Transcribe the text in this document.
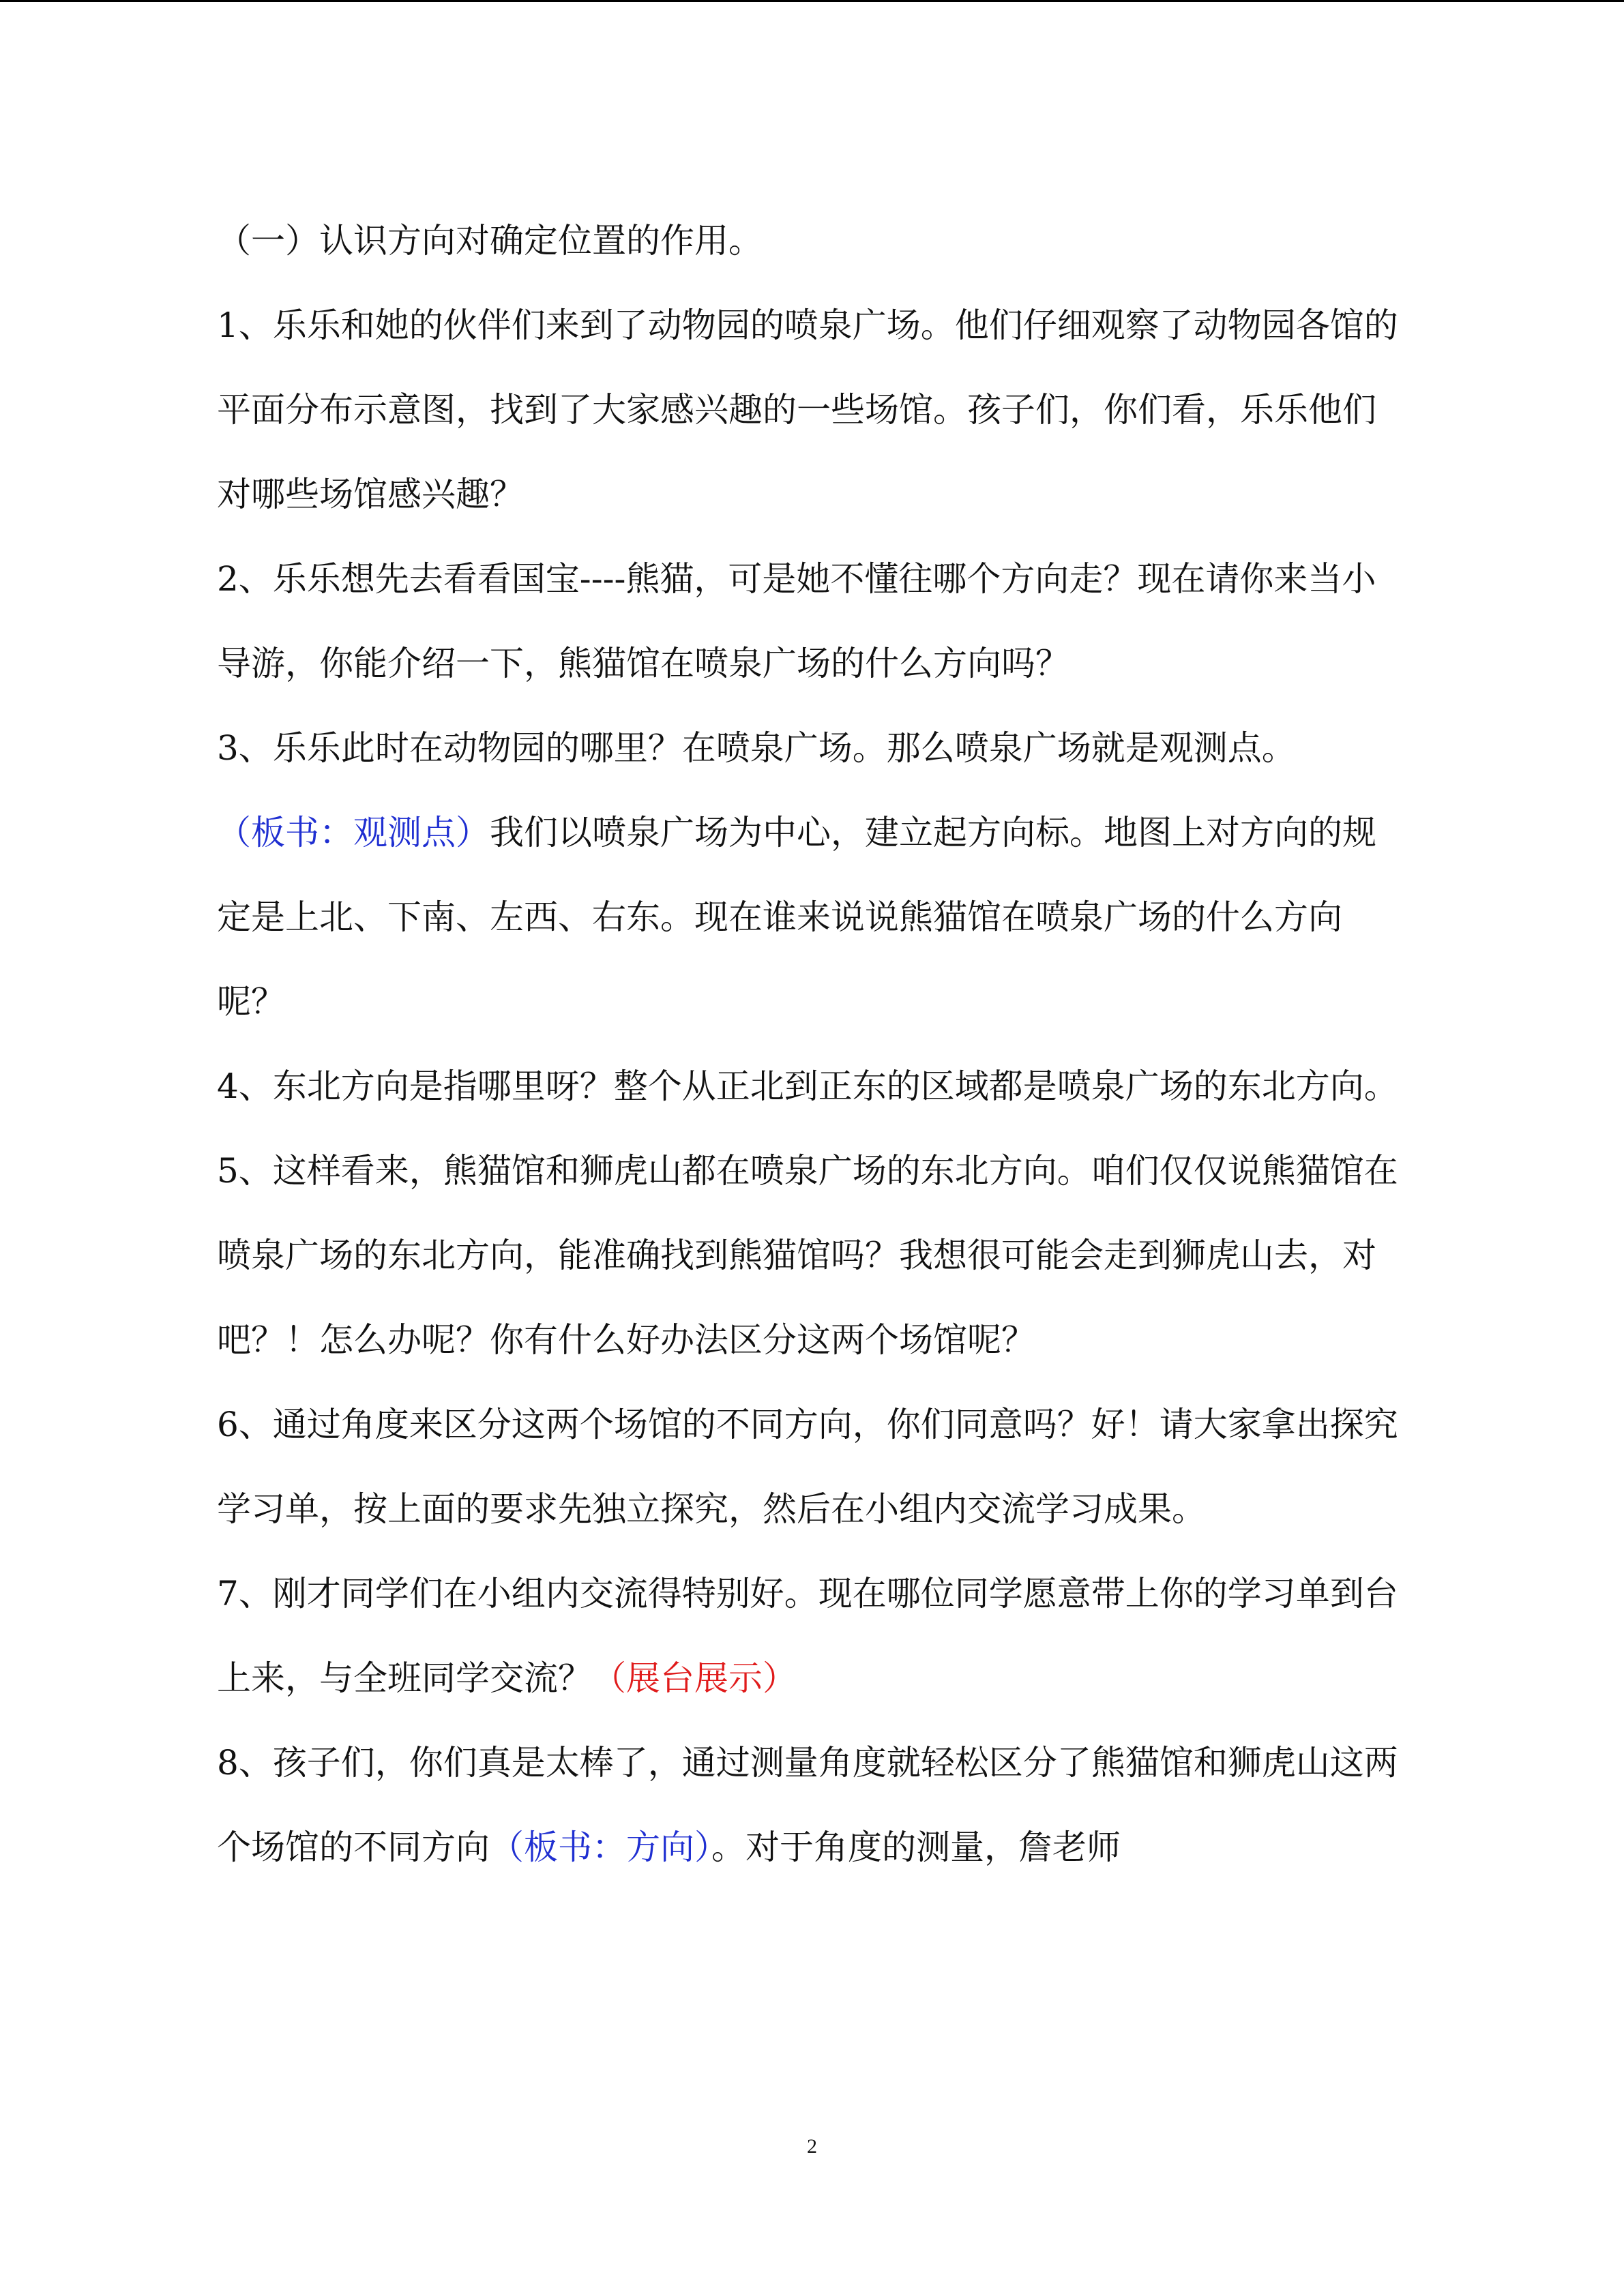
（一）认识方向对确定位置的作用。

1、乐乐和她的伙伴们来到了动物园的喷泉广场。他们仔细观察了动物园各馆的平面分布示意图，找到了大家感兴趣的一些场馆。孩子们，你们看，乐乐他们对哪些场馆感兴趣？

2、乐乐想先去看看国宝----熊猫，可是她不懂往哪个方向走？现在请你来当小导游，你能介绍一下，熊猫馆在喷泉广场的什么方向吗？

3、乐乐此时在动物园的哪里？在喷泉广场。那么喷泉广场就是观测点。

（板书：观测点）我们以喷泉广场为中心，建立起方向标。地图上对方向的规定是上北、下南、左西、右东。现在谁来说说熊猫馆在喷泉广场的什么方向呢？

4、东北方向是指哪里呀？整个从正北到正东的区域都是喷泉广场的东北方向。

5、这样看来，熊猫馆和狮虎山都在喷泉广场的东北方向。咱们仅仅说熊猫馆在喷泉广场的东北方向，能准确找到熊猫馆吗？我想很可能会走到狮虎山去，对吧？！怎么办呢？你有什么好办法区分这两个场馆呢？

6、通过角度来区分这两个场馆的不同方向，你们同意吗？好！请大家拿出探究学习单，按上面的要求先独立探究，然后在小组内交流学习成果。

7、刚才同学们在小组内交流得特别好。现在哪位同学愿意带上你的学习单到台上来，与全班同学交流？（展台展示）

8、孩子们，你们真是太棒了，通过测量角度就轻松区分了熊猫馆和狮虎山这两个场馆的不同方向（板书：方向）。对于角度的测量，詹老师

2
